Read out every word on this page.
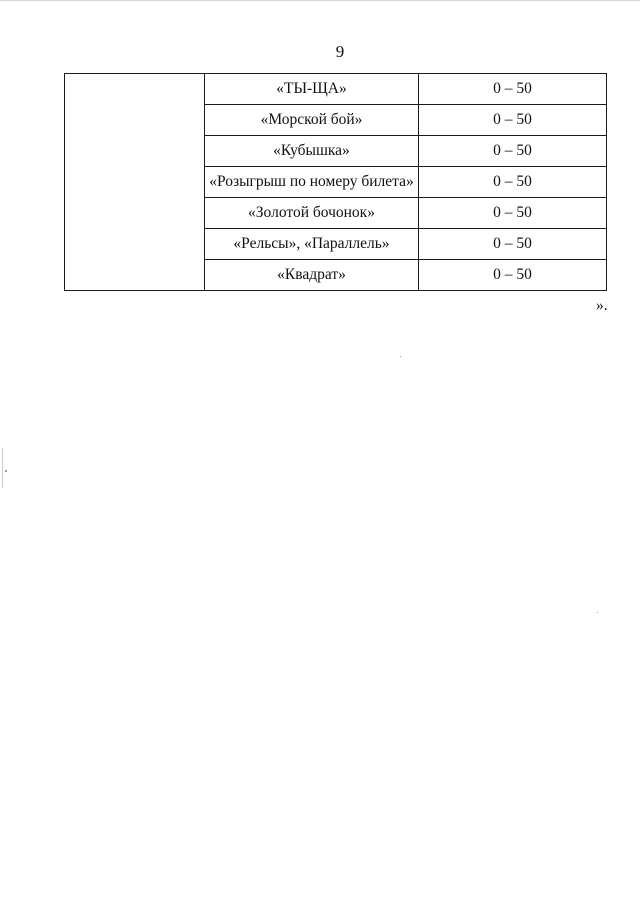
9
	«ТЫ-ЩА»	0 – 50
	«Морской бой»	0 – 50
	«Кубышка»	0 – 50
	«Розыгрыш по номеру билета»	0 – 50
	«Золотой бочонок»	0 – 50
	«Рельсы», «Параллель»	0 – 50
	«Квадрат»	0 – 50
».
